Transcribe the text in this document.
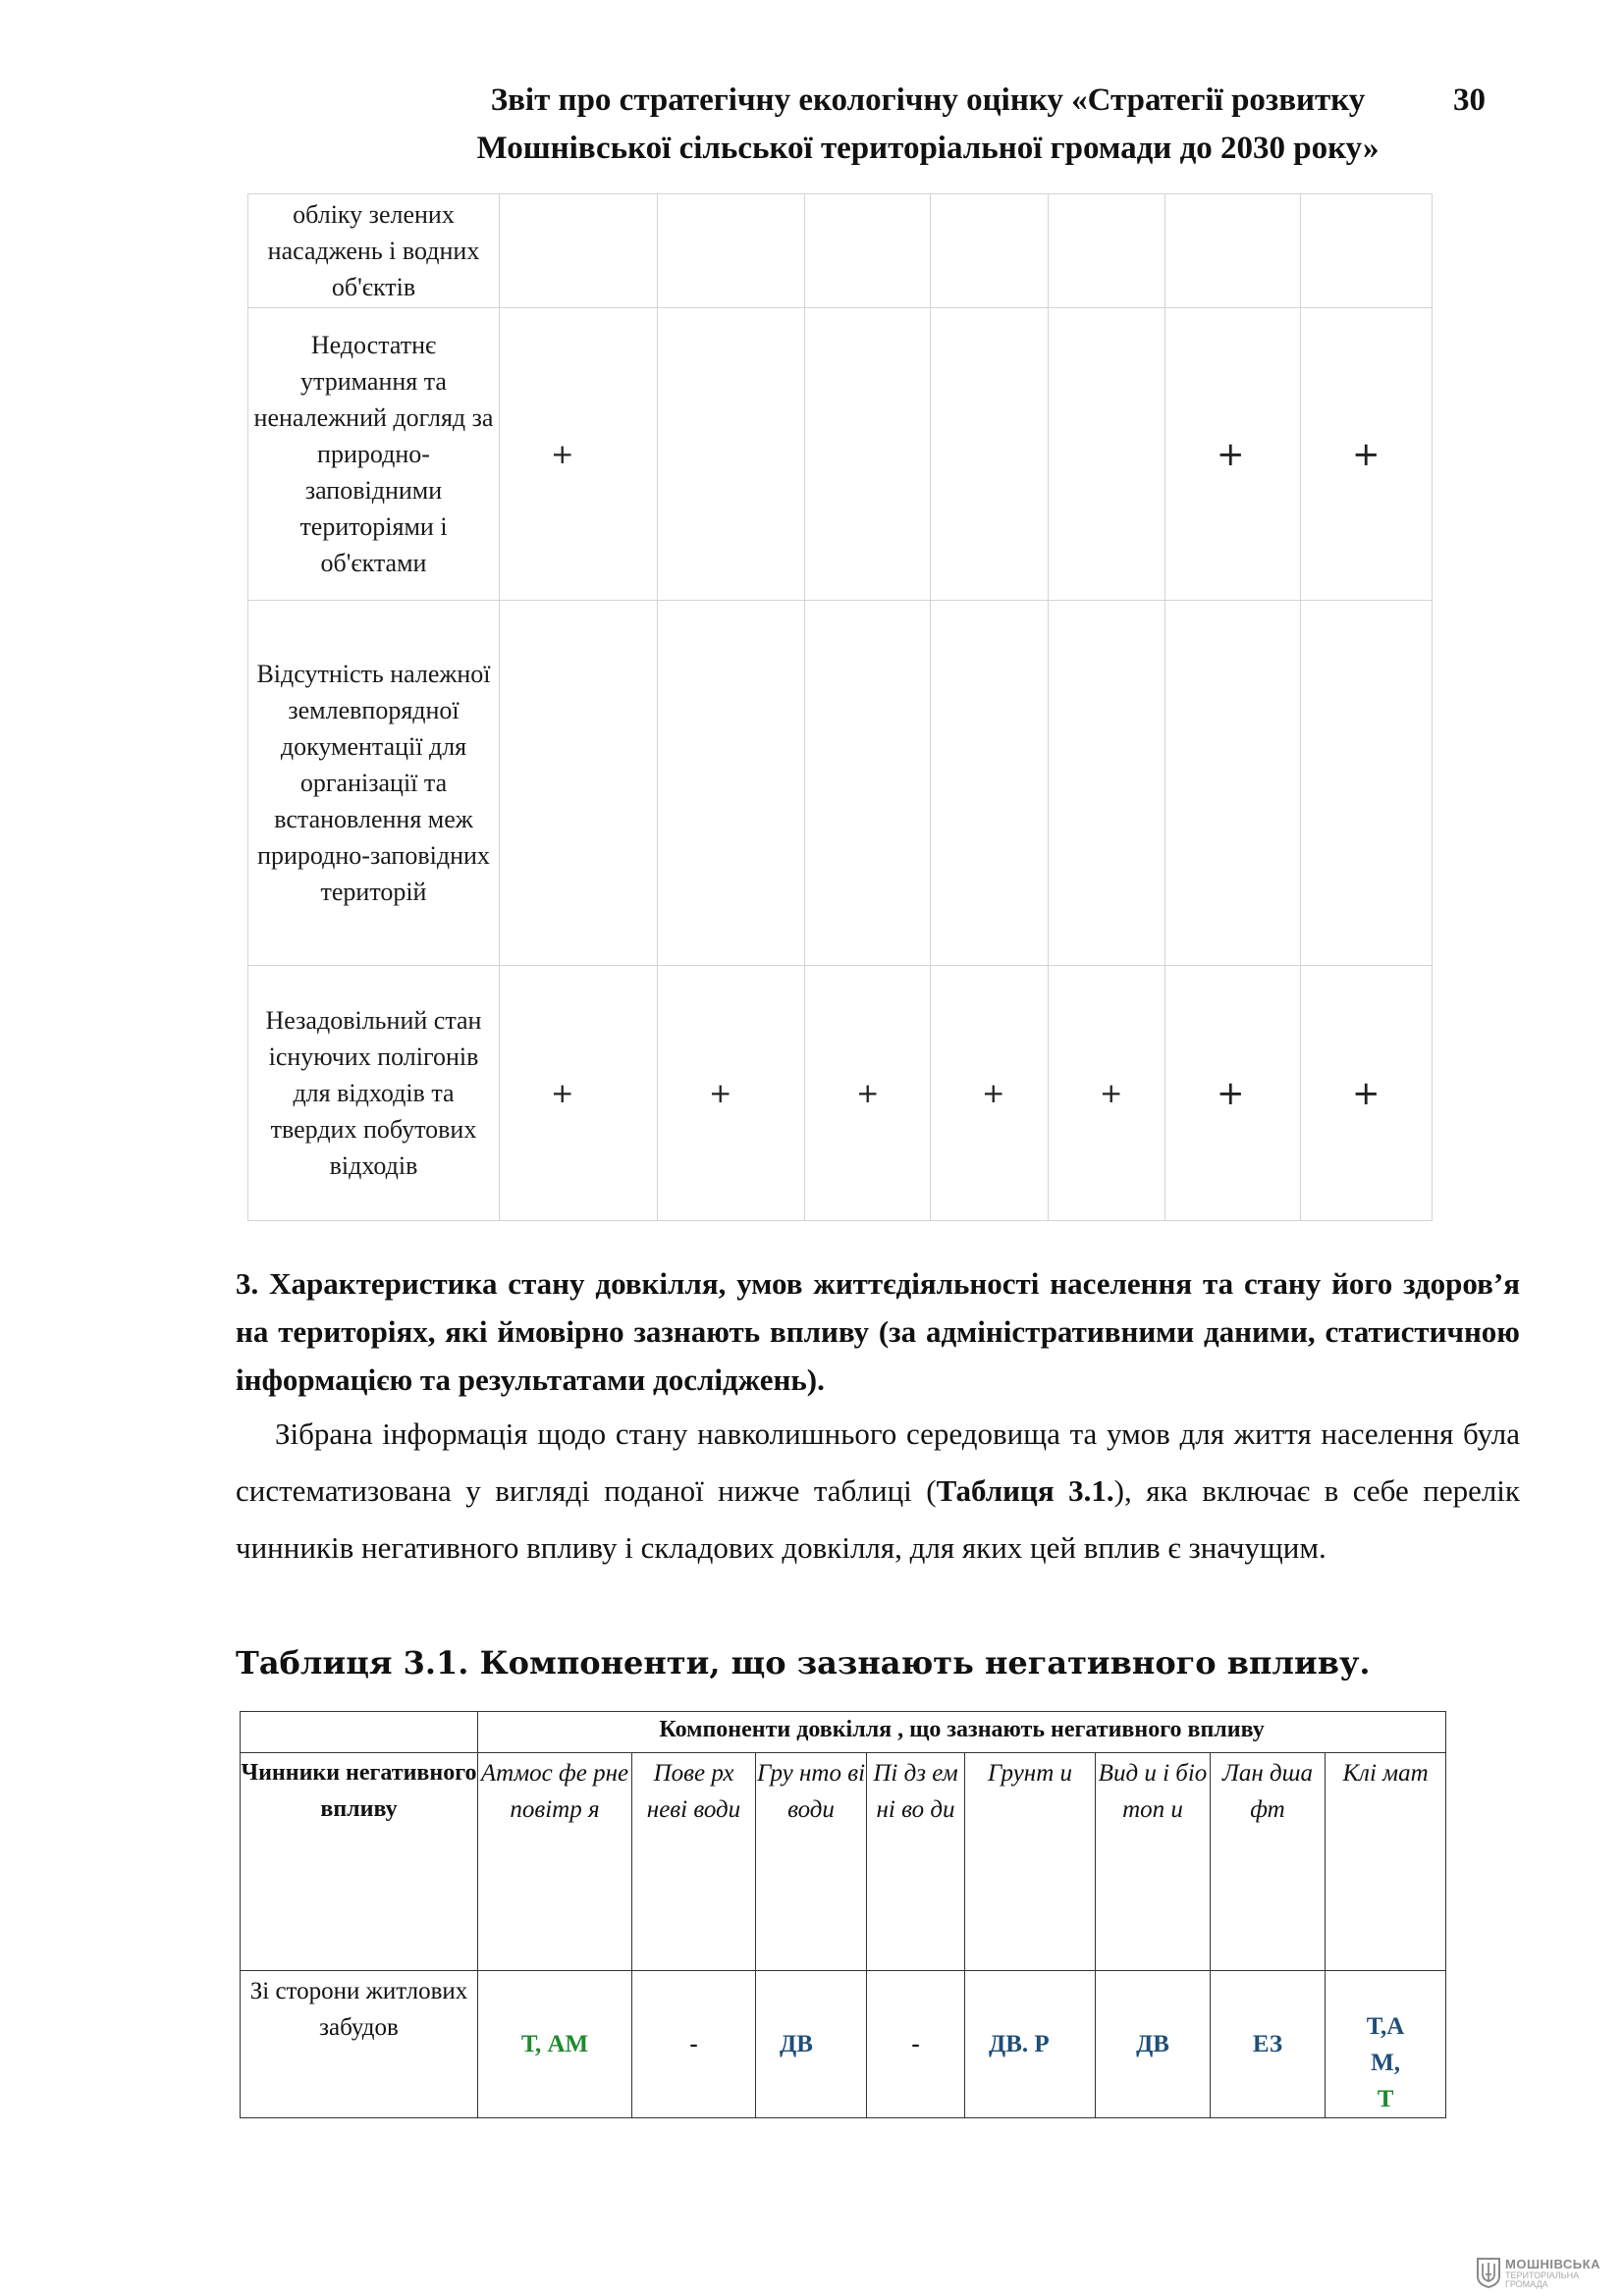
Звіт про стратегічну екологічну оцінку «Стратегії розвитку
Мошнівської сільської територіальної громади до 2030 року»
30
обліку зелених насаджень і водних об'єктів							
Недостатнє утримання та неналежний догляд за природно-заповідними територіями і об'єктами	+					+	+
Відсутність належної землевпорядної документації для організації та встановлення меж природно-заповідних територій							
Незадовільний стан існуючих полігонів для відходів та твердих побутових відходів	+	+	+	+	+	+	+
3. Характеристика стану довкілля, умов життєдіяльності населення та стану його здоров’я на територіях, які ймовірно зазнають впливу (за адміністративними даними, статистичною інформацією та результатами досліджень).
Зібрана інформація щодо стану навколишнього середовища та умов для життя населення була систематизована у вигляді поданої нижче таблиці (Таблиця 3.1.), яка включає в себе перелік чинників негативного впливу і складових довкілля, для яких цей вплив є значущим.
Таблиця 3.1. Компоненти, що зазнають негативного впливу.
	Компоненти довкілля , що зазнають негативного впливу							
Чинники негативного впливу	Атмос фе рне повітр я	Пове рх неві води	Гру нто ві води	Пі дз ем ні во ди	Грунт и	Вид и і біо топ и	Лан дша фт	Клі мат
Зі сторони житлових забудов	Т, АМ	-	ДВ	-	ДВ. Р	ДВ	ЕЗ	Т,А
М,
Т
МОШНІВСЬКА
ТЕРИТОРІАЛЬНА
ГРОМАДА
